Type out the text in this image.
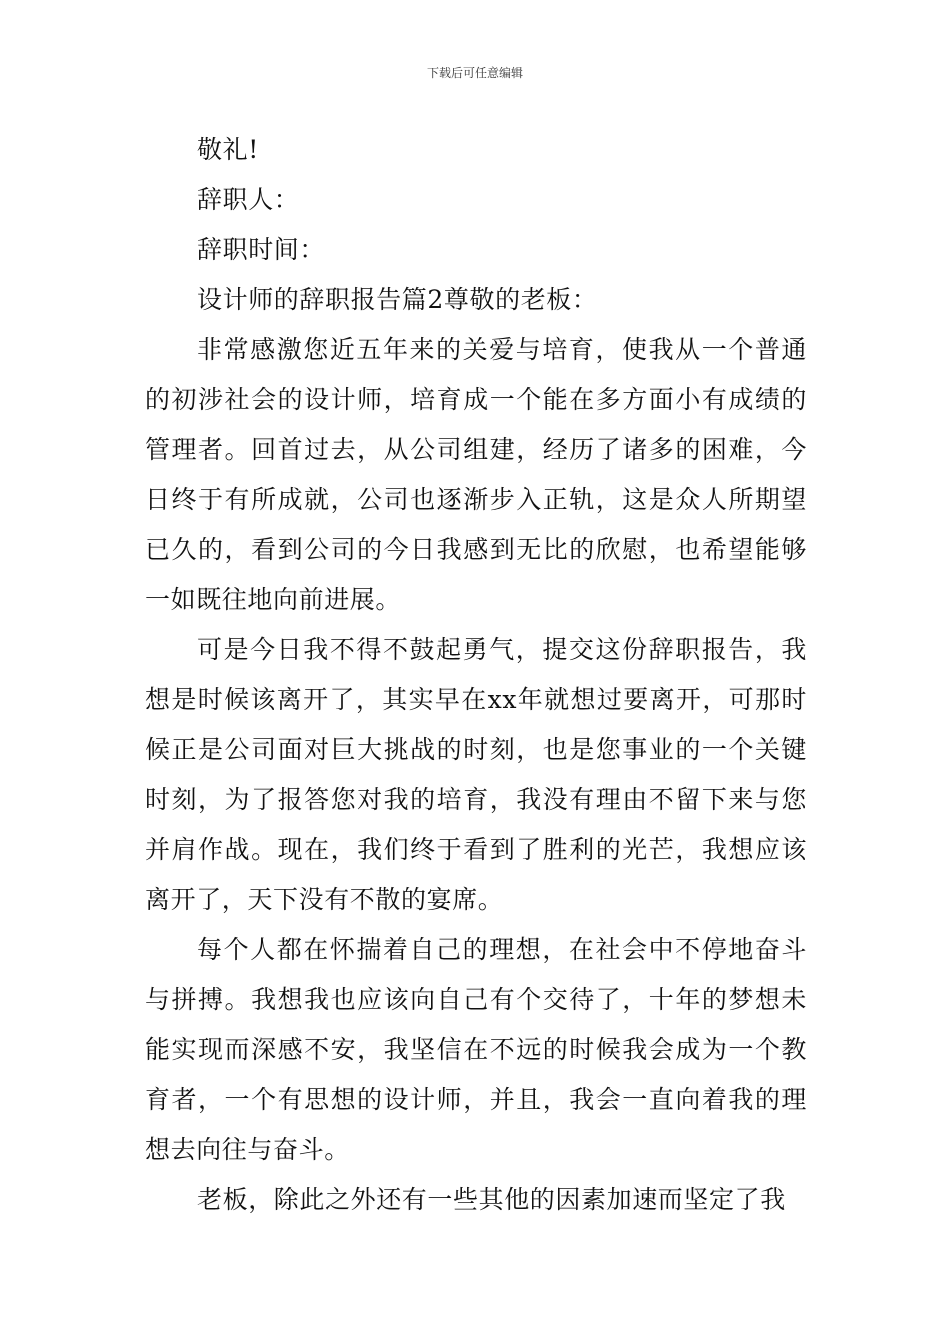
下载后可任意编辑

敬礼!

辞职人：

辞职时间：

设计师的辞职报告篇2尊敬的老板：

非常感激您近五年来的关爱与培育，使我从一个普通的初涉社会的设计师，培育成一个能在多方面小有成绩的管理者。回首过去，从公司组建，经历了诸多的困难，今日终于有所成就，公司也逐渐步入正轨，这是众人所期望已久的，看到公司的今日我感到无比的欣慰，也希望能够一如既往地向前进展。

可是今日我不得不鼓起勇气，提交这份辞职报告，我想是时候该离开了，其实早在xx年就想过要离开，可那时候正是公司面对巨大挑战的时刻，也是您事业的一个关键时刻，为了报答您对我的培育，我没有理由不留下来与您并肩作战。现在，我们终于看到了胜利的光芒，我想应该离开了，天下没有不散的宴席。

每个人都在怀揣着自己的理想，在社会中不停地奋斗与拼搏。我想我也应该向自己有个交待了，十年的梦想未能实现而深感不安，我坚信在不远的时候我会成为一个教育者，一个有思想的设计师，并且，我会一直向着我的理想去向往与奋斗。

老板，除此之外还有一些其他的因素加速而坚定了我
